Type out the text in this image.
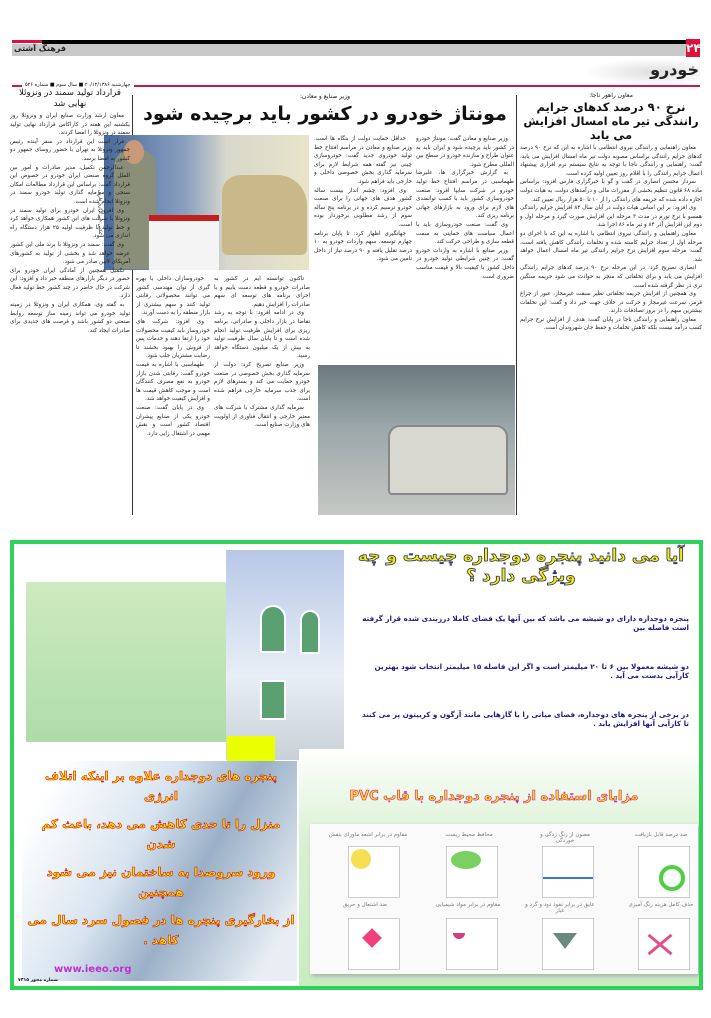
فرهنگ آشتی	۲۴
خودرو
چهارشنبه ۲۰/۱۲/۱۳۸۶ ■ سال سوم ■ شماره ۵۲۶
معاون راهور ناجا:
نرخ ۹۰ درصد کدهای جرایم رانندگی تیر ماه امسال افزایش می یابد

معاون راهنمایی و رانندگی نیروی انتظامی با اشاره به این که نرخ ۹۰ درصد کدهای جرایم رانندگی براساس مصوبه دولت تیر ماه امسال افزایش می یابد، گفت: راهنمایی و رانندگی ناجا با توجه به نتایج سیستم نرم افزاری پیشنهاد اعمال جرایم رانندگی را با اقلام روز تعیین اولیه کرده است.

سردار محسن انصاری در گفت و گو با خبرگزاری فارس افزود: براساس ماده ۶۸ قانون تنظیم بخشی از مقررات مالی و درآمدهای دولت، به هیات دولت اجازه داده شده که جریمه های رانندگی را از ۱۰ تا ۵۰ هزار ریال تعیین کند.

وی افزود: بر این اساس هیات دولت در آبان سال ۸۴ افزایش جرایم رانندگی همسو با نرخ تورم در مدت ۳ مرحله این افزایش صورت گیرد و مرحله اول و دوم این افزایش آذر ۸۴ و تیر ماه ۸۶ اجرا شد.

معاون راهنمایی و رانندگی نیروی انتظامی با اشاره به این که با اجرای دو مرحله اول از تعداد جرایم کاسته شده و تخلفات رانندگی کاهش یافته است، گفت: مرحله سوم افزایش نرخ جرایم رانندگی تیر ماه امسال اعمال خواهد شد.

انصاری تصریح کرد: در این مرحله نرخ ۹۰ درصد کدهای جرایم رانندگی افزایش می یابد و برای تخلفاتی که منجر به حوادث می شود جریمه سنگین تری در نظر گرفته شده است.

وی همچنین از افزایش جریمه تخلفاتی نظیر سبقت غیرمجاز، عبور از چراغ قرمز، سرعت غیرمجاز و حرکت در خلاف جهت خبر داد و گفت: این تخلفات بیشترین سهم را در بروز تصادفات دارند.

معاون راهنمایی و رانندگی ناجا در پایان گفت: هدف از افزایش نرخ جرایم کسب درآمد نیست بلکه کاهش تخلفات و حفظ جان شهروندان است.

وزیر صنایع و معادن:
مونتاژ خودرو در کشور باید برچیده شود
عکس: خبرگزاری فارس

وزیر صنایع و معادن گفت: مونتاژ خودرو در کشور باید برچیده شود و ایران باید به عنوان طراح و سازنده خودرو در سطح بین المللی مطرح شود.

به گزارش خبرگزاری ها، علیرضا طهماسبی در مراسم افتتاح خط تولید خودرو در شرکت سایپا افزود: صنعت خودروسازی کشور باید با کسب توانمندی های لازم برای ورود به بازارهای جهانی برنامه ریزی کند.

وی گفت: صنعت خودروسازی باید با اعمال سیاست های حمایتی به سمت قطعه سازی و طراحی حرکت کند.

وزیر صنایع با اشاره به واردات خودرو گفت: در چنین شرایطی تولید خودرو در داخل کشور با کیفیت بالا و قیمت مناسب ضروری است.

حداقل حمایت دولت از بنگاه ها است. وزیر صنایع و معادن در مراسم افتتاح خط تولید خودروی جدید گفت: خودروسازی چینی نیز گفته همه شرایط لازم برای سرمایه گذاری بخش خصوصی داخلی و خارجی باید فراهم شود.

وی افزود: چشم انداز بیست ساله کشور هدف های جهانی را برای صنعت خودرو ترسیم کرده و در برنامه پنج ساله سوم از رشد مطلوبی برخوردار بوده است.

جهانگیری اظهار کرد: تا پایان برنامه چهارم توسعه، سهم واردات خودرو به ۱۰ درصد تقلیل یافته و ۹۰ درصد نیاز از داخل تامین می شود.

تاکنون توانسته ایم در کشور به صادرات خودرو و قطعه دست یابیم و با اجرای برنامه های توسعه ای سهم صادرات را افزایش دهیم.

وی در ادامه افزود: با توجه به رشد تقاضا در بازار داخلی و صادراتی، برنامه ریزی برای افزایش ظرفیت تولید انجام شده است و تا پایان سال ظرفیت تولید به بیش از یک میلیون دستگاه خواهد رسید.

وزیر صنایع تصریح کرد: دولت از سرمایه گذاری بخش خصوصی در صنعت خودرو حمایت می کند و بسترهای لازم برای جذب سرمایه خارجی فراهم شده است.

سرمایه گذاری مشترک با شرکت های معتبر خارجی و انتقال فناوری از اولویت های وزارت صنایع است.

خودروسازان داخلی با بهره گیری از توان مهندسی کشور می توانند محصولاتی رقابتی تولید کنند و سهم بیشتری از بازار منطقه را به دست آورند.

وی افزود: شرکت های خودروساز باید کیفیت محصولات خود را ارتقا دهند و خدمات پس از فروش را بهبود بخشند تا رضایت مشتریان جلب شود.

طهماسبی با اشاره به قیمت خودرو گفت: رقابتی شدن بازار خودرو به نفع مصرف کنندگان است و موجب کاهش قیمت ها و افزایش کیفیت خواهد شد.

وی در پایان گفت: صنعت خودرو یکی از صنایع پیشران اقتصاد کشور است و نقش مهمی در اشتغال زایی دارد.

قرارداد تولید سمند در ونزوئلا نهایی شد

معاون ارشد وزارت صنایع ایران و ونزوئلا روز یکشنبه این هفته در کاراکاس قرارداد نهایی تولید سمند در ونزوئلا را امضا کردند.

قرار است این قرارداد در سفر آینده رئیس جمهور ونزوئلا به تهران با حضور روسای جمهور دو کشور به امضا برسد.

عبدالرحمن تکمیل، مدیر صادرات و امور بین الملل گروه صنعتی ایران خودرو در خصوص این قرارداد گفت: براساس این قرارداد مطالعات امکان سنجی و سرمایه گذاری تولید خودرو سمند در ونزوئلا انجام شده است.

وی افزود: ایران خودرو برای تولید سمند در ونزوئلا با شرکت های این کشور همکاری خواهد کرد و خط تولید با ظرفیت اولیه ۲۵ هزار دستگاه راه اندازی می شود.

وی گفت: سمند در ونزوئلا با برند ملی این کشور عرضه خواهد شد و بخشی از تولید به کشورهای آمریکای لاتین صادر می شود.

تکمیل همچنین از آمادگی ایران خودرو برای حضور در دیگر بازارهای منطقه خبر داد و افزود: این شرکت در حال حاضر در چند کشور خط تولید فعال دارد.

به گفته وی، همکاری ایران و ونزوئلا در زمینه تولید خودرو می تواند زمینه ساز توسعه روابط صنعتی دو کشور باشد و فرصت های جدیدی برای صادرات ایجاد کند.

آیا می دانید پنجره دوجداره چیست و چه ویژگی دارد ؟
پنجره دوجداره دارای دو شیشه می باشد که بین آنها یک فضای کاملا درزبندی شده قرار گرفته است فاصله بین
دو شیشه معمولا بین ۶ تا ۲۰ میلیمتر است و اگر این فاصله ۱۵ میلیمتر انتخاب شود بهترین کارآیی بدست می آید .
در برخی از پنجره های دوجداره، فضای میانی را با گازهایی مانند آرگون و کریپتون پر می کنند تا کارآیی آنها افزایش یابد .
پنجره های دوجداره علاوه بر اینکه اتلاف انرژی
منزل را تا حدی کاهش می دهد، باعث کم شدن
ورود سروصدا به ساختمان نیز می شود همچنین
از بخارگیری پنجره ها در فصول سرد سال می کاهد .
www.ieeo.org
شماره مجوز ۷۳۱۵
مزایای استفاده از پنجره دوجداره با قاب PVC
صد درصد قابل بازیافت
مصون از زنگ زدگی و خوردگی
محافظ محیط زیست
مقاوم در برابر اشعه ماورای بنفش
حذف کامل هزینه رنگ آمیزی
عایق در برابر نفوذ دود و گرد و غبار
مقاوم در برابر مواد شیمیایی
ضد اشتعال و حریق
